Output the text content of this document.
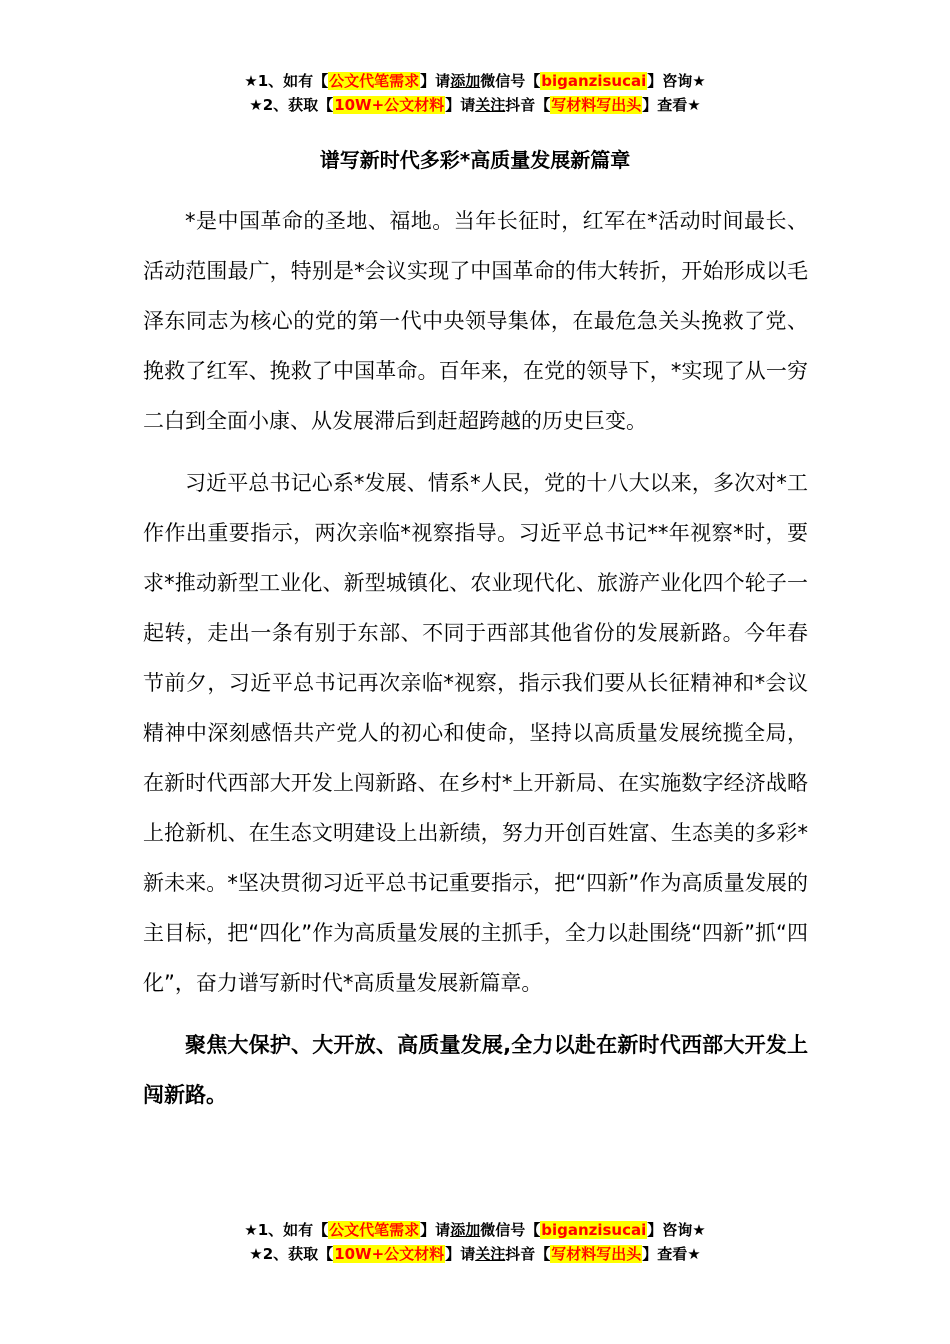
★1、如有【公文代笔需求】请添加微信号【biganzisucai】咨询★
★2、获取【10W+公文材料】请关注抖音【写材料写出头】查看★
谱写新时代多彩*高质量发展新篇章

*是中国革命的圣地、福地。当年长征时，红军在*活动时间最长、活动范围最广，特别是*会议实现了中国革命的伟大转折，开始形成以毛泽东同志为核心的党的第一代中央领导集体，在最危急关头挽救了党、挽救了红军、挽救了中国革命。百年来，在党的领导下，*实现了从一穷二白到全面小康、从发展滞后到赶超跨越的历史巨变。

习近平总书记心系*发展、情系*人民，党的十八大以来，多次对*工作作出重要指示，两次亲临*视察指导。习近平总书记**年视察*时，要求*推动新型工业化、新型城镇化、农业现代化、旅游产业化四个轮子一起转，走出一条有别于东部、不同于西部其他省份的发展新路。今年春节前夕，习近平总书记再次亲临*视察，指示我们要从长征精神和*会议精神中深刻感悟共产党人的初心和使命，坚持以高质量发展统揽全局，在新时代西部大开发上闯新路、在乡村*上开新局、在实施数字经济战略上抢新机、在生态文明建设上出新绩，努力开创百姓富、生态美的多彩*新未来。*坚决贯彻习近平总书记重要指示，把“四新”作为高质量发展的主目标，把“四化”作为高质量发展的主抓手，全力以赴围绕“四新”抓“四化”，奋力谱写新时代*高质量发展新篇章。

聚焦大保护、大开放、高质量发展,全力以赴在新时代西部大开发上闯新路。

★1、如有【公文代笔需求】请添加微信号【biganzisucai】咨询★
★2、获取【10W+公文材料】请关注抖音【写材料写出头】查看★
